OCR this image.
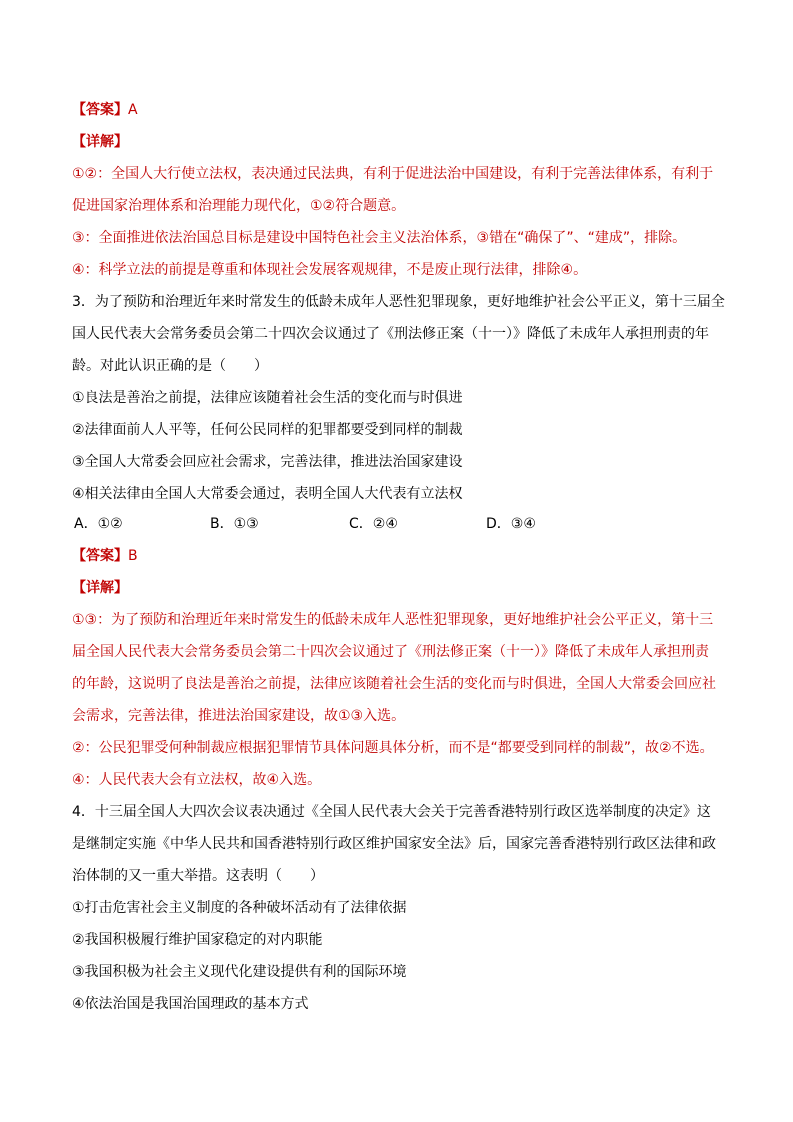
【答案】A
【详解】
①②：全国人大行使立法权，表决通过民法典，有利于促进法治中国建设，有利于完善法律体系，有利于
促进国家治理体系和治理能力现代化，①②符合题意。
③：全面推进依法治国总目标是建设中国特色社会主义法治体系，③错在“确保了”、“建成”，排除。
④：科学立法的前提是尊重和体现社会发展客观规律，不是废止现行法律，排除④。
3．为了预防和治理近年来时常发生的低龄未成年人恶性犯罪现象，更好地维护社会公平正义，第十三届全
国人民代表大会常务委员会第二十四次会议通过了《刑法修正案（十一）》降低了未成年人承担刑责的年
龄。对此认识正确的是（　　）
①良法是善治之前提，法律应该随着社会生活的变化而与时俱进
②法律面前人人平等，任何公民同样的犯罪都要受到同样的制裁
③全国人大常委会回应社会需求，完善法律，推进法治国家建设
④相关法律由全国人大常委会通过，表明全国人大代表有立法权
A．①②	B．①③	C．②④	D．③④
【答案】B
【详解】
①③：为了预防和治理近年来时常发生的低龄未成年人恶性犯罪现象，更好地维护社会公平正义，第十三
届全国人民代表大会常务委员会第二十四次会议通过了《刑法修正案（十一）》降低了未成年人承担刑责
的年龄，这说明了良法是善治之前提，法律应该随着社会生活的变化而与时俱进，全国人大常委会回应社
会需求，完善法律，推进法治国家建设，故①③入选。
②：公民犯罪受何种制裁应根据犯罪情节具体问题具体分析，而不是“都要受到同样的制裁”，故②不选。
④：人民代表大会有立法权，故④入选。
4．十三届全国人大四次会议表决通过《全国人民代表大会关于完善香港特别行政区选举制度的决定》这
是继制定实施《中华人民共和国香港特别行政区维护国家安全法》后，国家完善香港特别行政区法律和政
治体制的又一重大举措。这表明（　　）
①打击危害社会主义制度的各种破坏活动有了法律依据
②我国积极履行维护国家稳定的对内职能
③我国积极为社会主义现代化建设提供有利的国际环境
④依法治国是我国治国理政的基本方式
